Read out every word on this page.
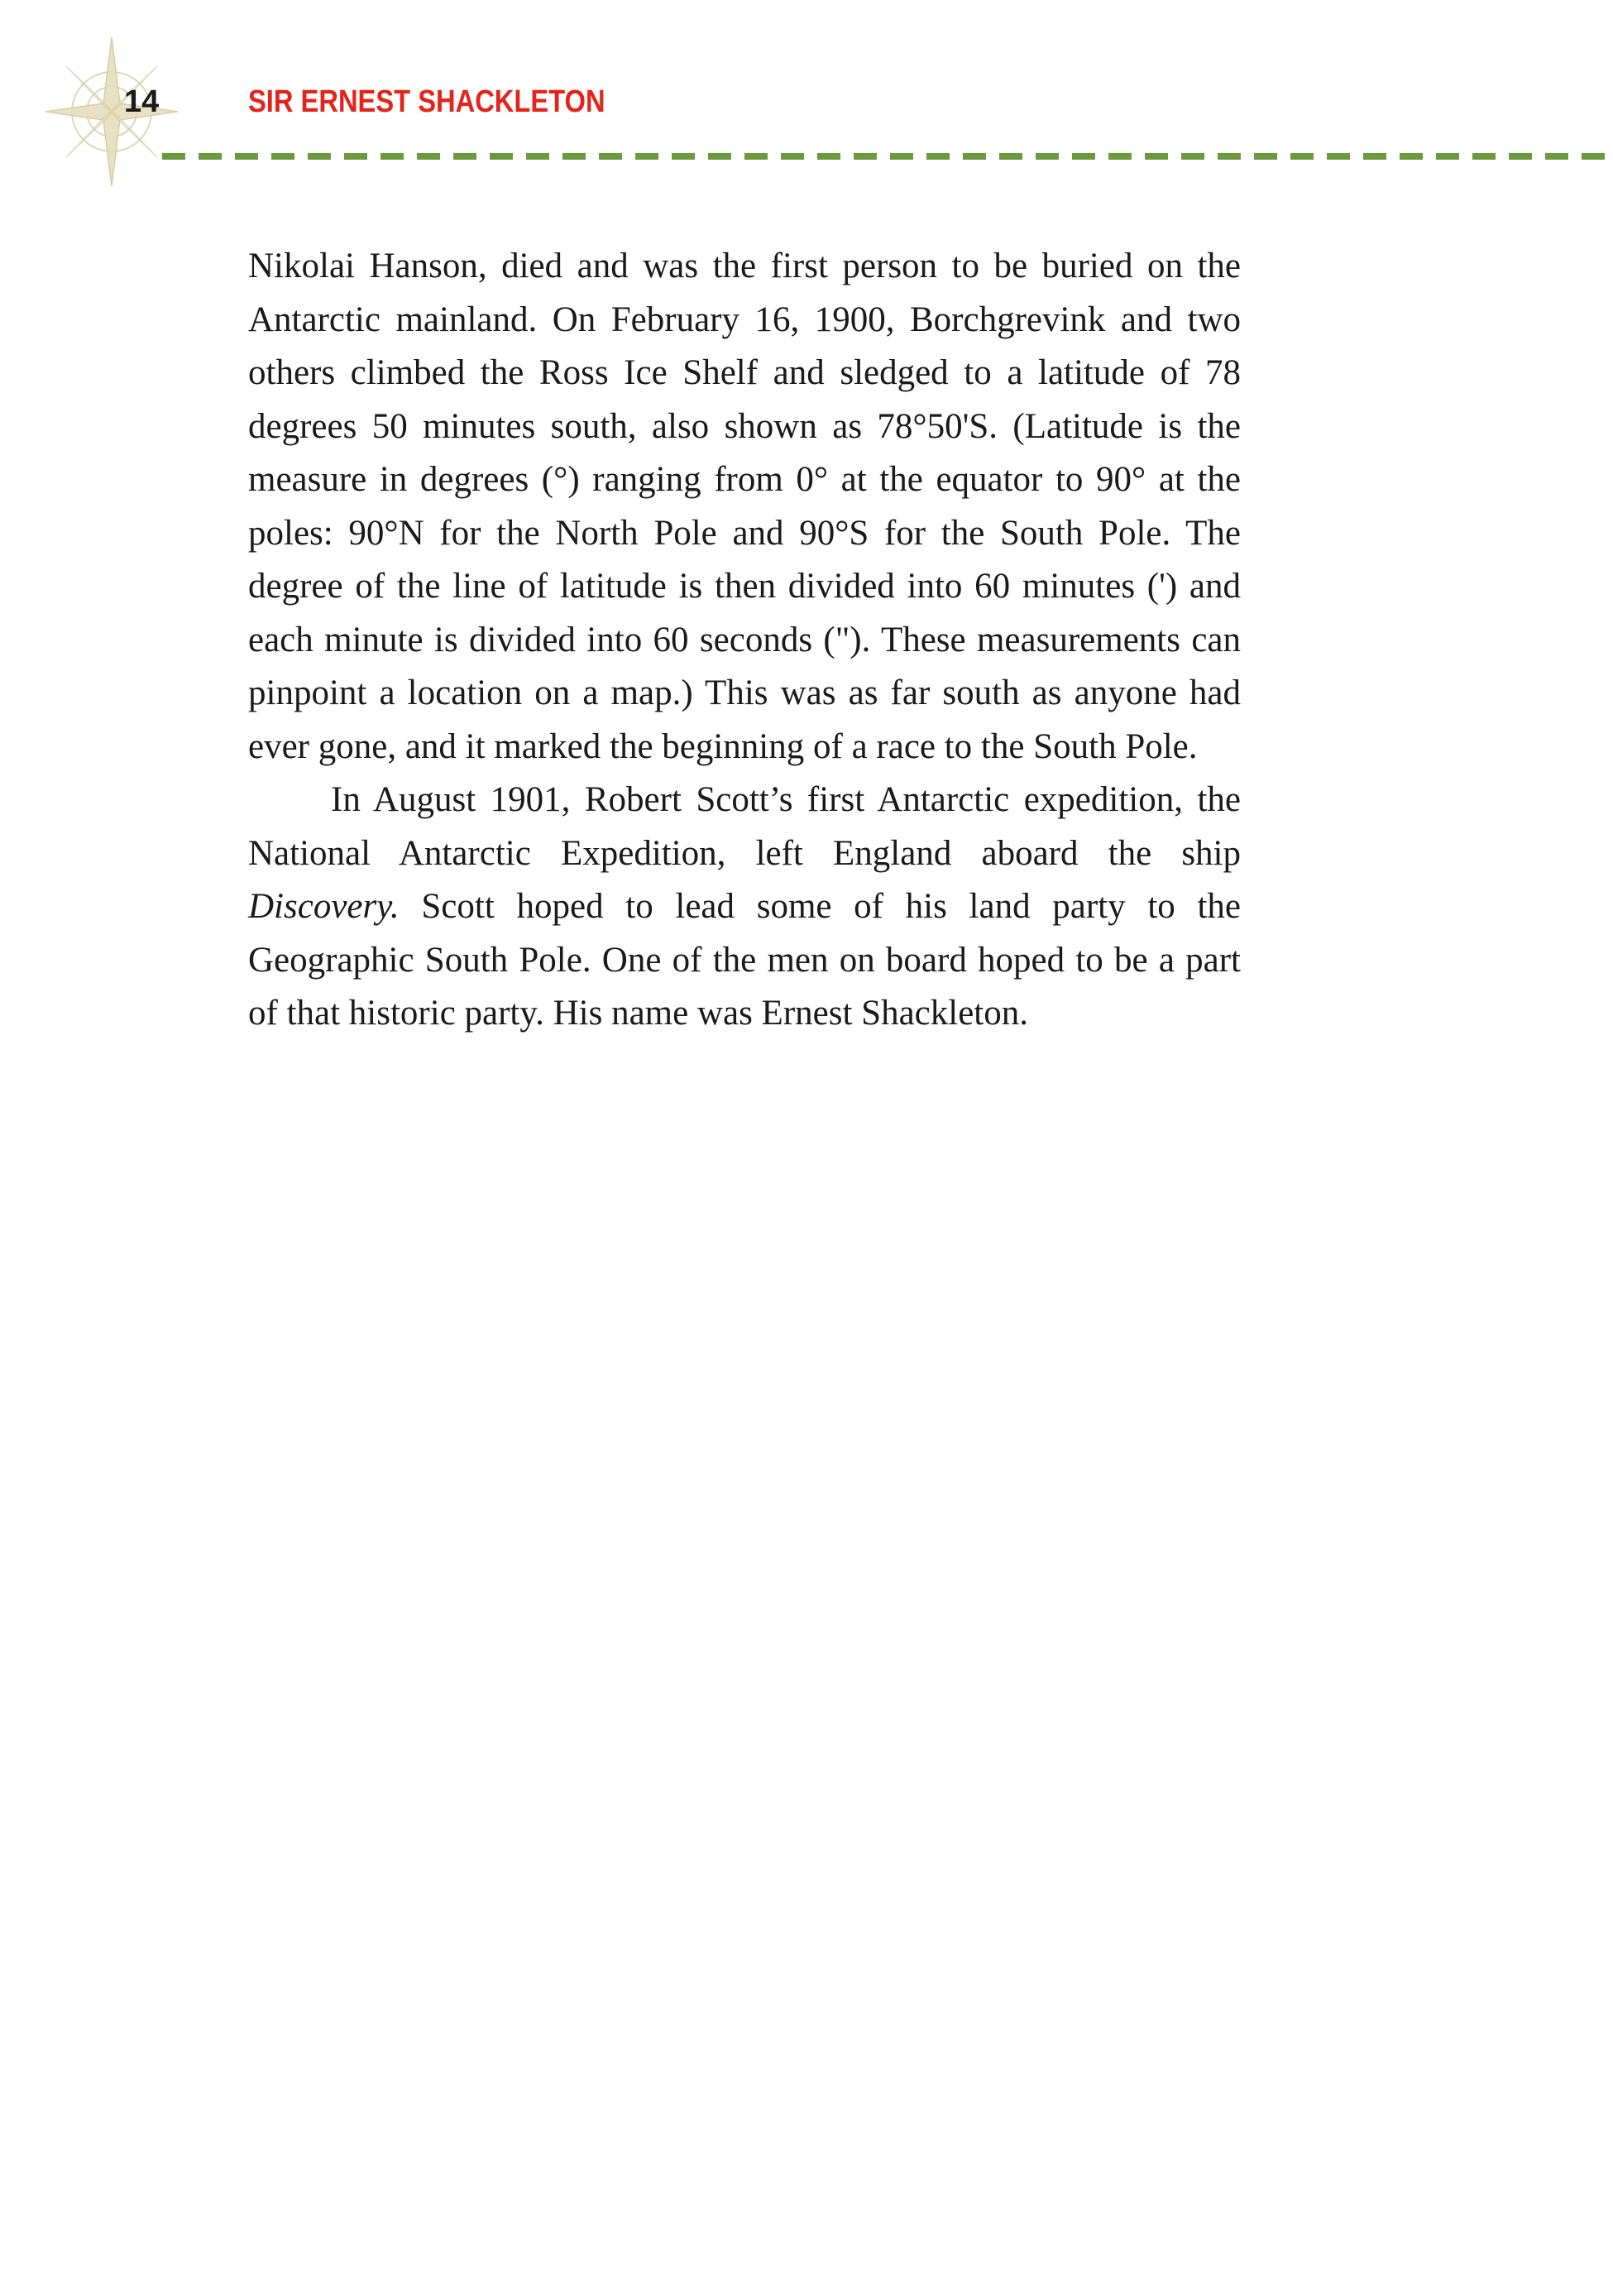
14	SIR ERNEST SHACKLETON

Nikolai Hanson, died and was the first person to be buried on the Antarctic mainland. On February 16, 1900, Borchgrevink and two others climbed the Ross Ice Shelf and sledged to a latitude of 78 degrees 50 minutes south, also shown as 78°50'S. (Latitude is the measure in degrees (°) ranging from 0° at the equator to 90° at the poles: 90°N for the North Pole and 90°S for the South Pole. The degree of the line of latitude is then divided into 60 minutes (') and each minute is divided into 60 seconds ("). These measurements can pinpoint a location on a map.) This was as far south as anyone had ever gone, and it marked the beginning of a race to the South Pole.

In August 1901, Robert Scott’s first Antarctic expedition, the National Antarctic Expedition, left England aboard the ship Discovery. Scott hoped to lead some of his land party to the Geographic South Pole. One of the men on board hoped to be a part of that historic party. His name was Ernest Shackleton.
